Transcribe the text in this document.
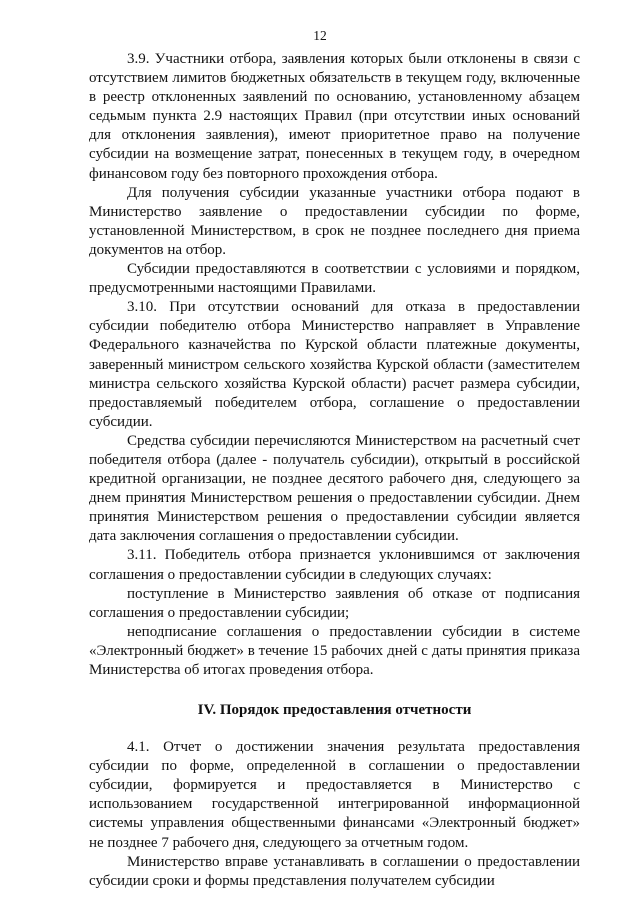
12

3.9. Участники отбора, заявления которых были отклонены в связи с отсутствием лимитов бюджетных обязательств в текущем году, включенные в реестр отклоненных заявлений по основанию, установленному абзацем седьмым пункта 2.9 настоящих Правил (при отсутствии иных оснований для отклонения заявления), имеют приоритетное право на получение субсидии на возмещение затрат, понесенных в текущем году, в очередном финансовом году без повторного прохождения отбора.

Для получения субсидии указанные участники отбора подают в Министерство заявление о предоставлении субсидии по форме, установленной Министерством, в срок не позднее последнего дня приема документов на отбор.

Субсидии предоставляются в соответствии с условиями и порядком, предусмотренными настоящими Правилами.

3.10. При отсутствии оснований для отказа в предоставлении субсидии победителю отбора Министерство направляет в Управление Федерального казначейства по Курской области платежные документы, заверенный министром сельского хозяйства Курской области (заместителем министра сельского хозяйства Курской области) расчет размера субсидии, предоставляемый победителем отбора, соглашение о предоставлении субсидии.

Средства субсидии перечисляются Министерством на расчетный счет победителя отбора (далее - получатель субсидии), открытый в российской кредитной организации, не позднее десятого рабочего дня, следующего за днем принятия Министерством решения о предоставлении субсидии. Днем принятия Министерством решения о предоставлении субсидии является дата заключения соглашения о предоставлении субсидии.

3.11. Победитель отбора признается уклонившимся от заключения соглашения о предоставлении субсидии в следующих случаях:

поступление в Министерство заявления об отказе от подписания соглашения о предоставлении субсидии;

неподписание соглашения о предоставлении субсидии в системе «Электронный бюджет» в течение 15 рабочих дней с даты принятия приказа Министерства об итогах проведения отбора.

IV. Порядок предоставления отчетности

4.1. Отчет о достижении значения результата предоставления субсидии по форме, определенной в соглашении о предоставлении субсидии, формируется и предоставляется в Министерство с использованием государственной интегрированной информационной системы управления общественными финансами «Электронный бюджет» не позднее 7 рабочего дня, следующего за отчетным годом.

Министерство вправе устанавливать в соглашении о предоставлении субсидии сроки и формы представления получателем субсидии
